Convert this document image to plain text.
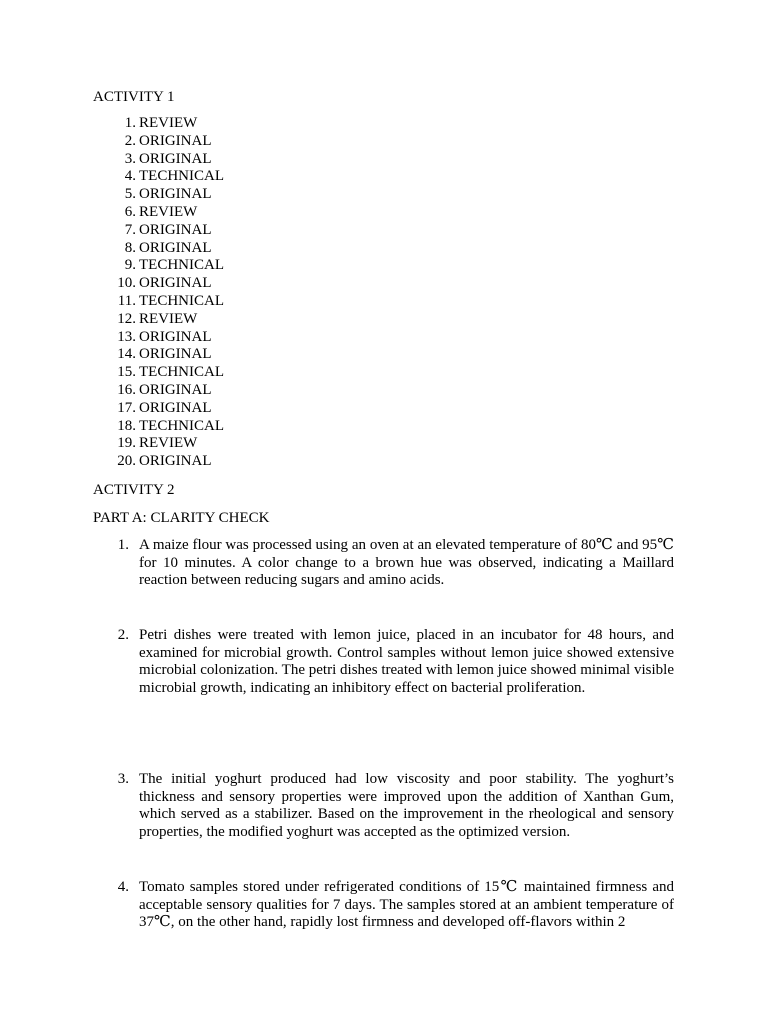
ACTIVITY 1
1. REVIEW
2. ORIGINAL
3. ORIGINAL
4. TECHNICAL
5. ORIGINAL
6. REVIEW
7. ORIGINAL
8. ORIGINAL
9. TECHNICAL
10. ORIGINAL
11. TECHNICAL
12. REVIEW
13. ORIGINAL
14. ORIGINAL
15. TECHNICAL
16. ORIGINAL
17. ORIGINAL
18. TECHNICAL
19. REVIEW
20. ORIGINAL
ACTIVITY 2
PART A: CLARITY CHECK
1. A maize flour was processed using an oven at an elevated temperature of 80℃ and 95℃ for 10 minutes. A color change to a brown hue was observed, indicating a Maillard reaction between reducing sugars and amino acids.
2. Petri dishes were treated with lemon juice, placed in an incubator for 48 hours, and examined for microbial growth. Control samples without lemon juice showed extensive microbial colonization. The petri dishes treated with lemon juice showed minimal visible microbial growth, indicating an inhibitory effect on bacterial proliferation.
3. The initial yoghurt produced had low viscosity and poor stability. The yoghurt’s thickness and sensory properties were improved upon the addition of Xanthan Gum, which served as a stabilizer. Based on the improvement in the rheological and sensory properties, the modified yoghurt was accepted as the optimized version.
4. Tomato samples stored under refrigerated conditions of 15℃ maintained firmness and acceptable sensory qualities for 7 days. The samples stored at an ambient temperature of 37℃, on the other hand, rapidly lost firmness and developed off-flavors within 2
